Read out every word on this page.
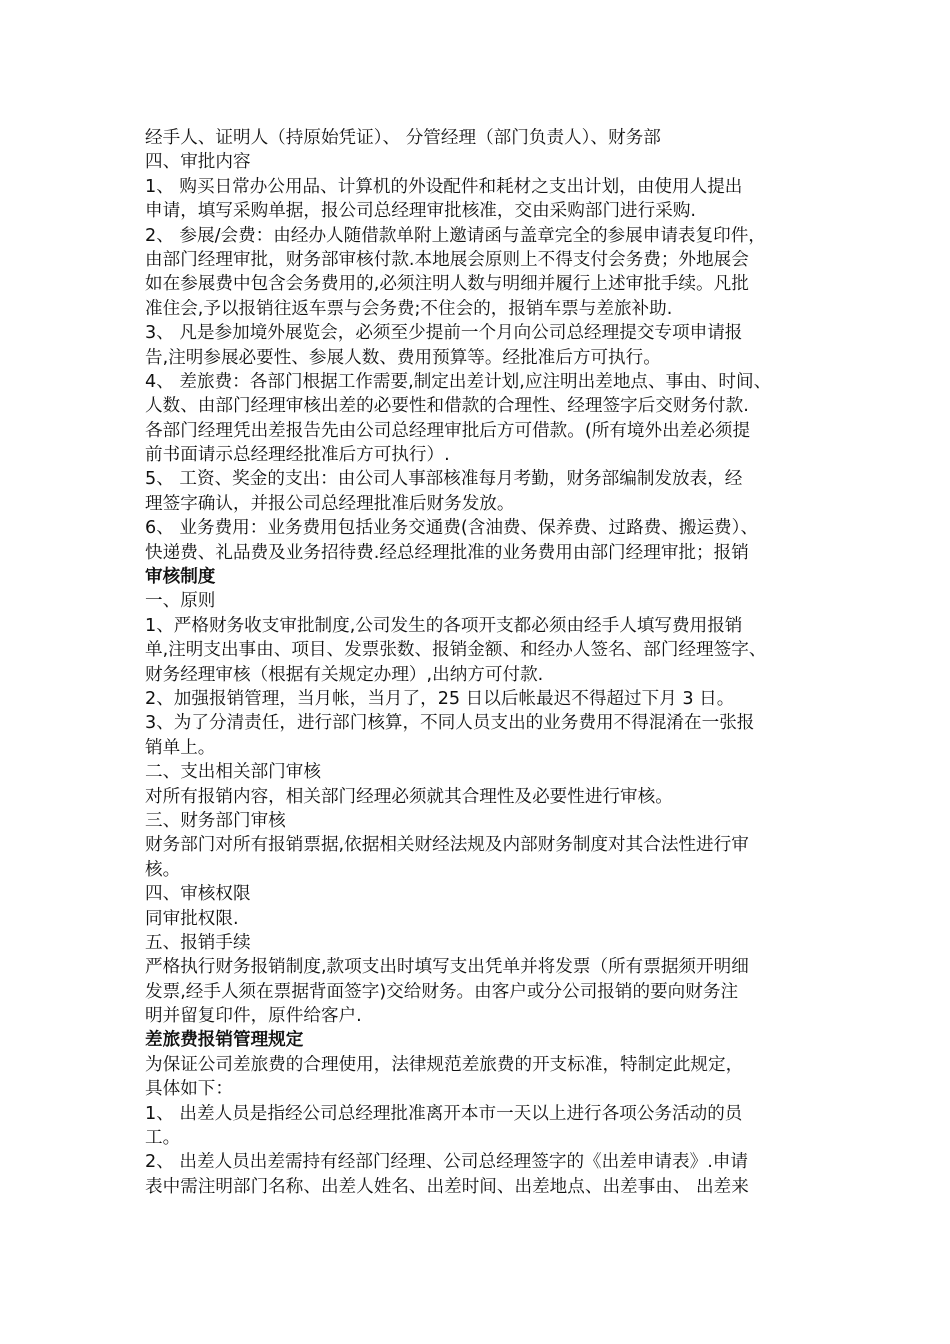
经手人、证明人（持原始凭证）、 分管经理（部门负责人）、财务部
四、审批内容
1、 购买日常办公用品、计算机的外设配件和耗材之支出计划，由使用人提出
申请，填写采购单据，报公司总经理审批核准，交由采购部门进行采购.
2、 参展/会费：由经办人随借款单附上邀请函与盖章完全的参展申请表复印件，
由部门经理审批，财务部审核付款.本地展会原则上不得支付会务费；外地展会
如在参展费中包含会务费用的,必须注明人数与明细并履行上述审批手续。凡批
准住会,予以报销往返车票与会务费;不住会的，报销车票与差旅补助.
3、 凡是参加境外展览会，必须至少提前一个月向公司总经理提交专项申请报
告,注明参展必要性、参展人数、费用预算等。经批准后方可执行。
4、 差旅费：各部门根据工作需要,制定出差计划,应注明出差地点、事由、时间、
人数、由部门经理审核出差的必要性和借款的合理性、经理签字后交财务付款.
各部门经理凭出差报告先由公司总经理审批后方可借款。(所有境外出差必须提
前书面请示总经理经批准后方可执行）.
5、 工资、奖金的支出：由公司人事部核准每月考勤，财务部编制发放表，经
理签字确认，并报公司总经理批准后财务发放。
6、 业务费用：业务费用包括业务交通费(含油费、保养费、过路费、搬运费）、
快递费、礼品费及业务招待费.经总经理批准的业务费用由部门经理审批；报销
审核制度
一、原则
1、严格财务收支审批制度,公司发生的各项开支都必须由经手人填写费用报销
单,注明支出事由、项目、发票张数、报销金额、和经办人签名、部门经理签字、
财务经理审核（根据有关规定办理）,出纳方可付款.
2、加强报销管理，当月帐，当月了，25 日以后帐最迟不得超过下月 3 日。
3、为了分清责任，进行部门核算，不同人员支出的业务费用不得混淆在一张报
销单上。
二、支出相关部门审核
对所有报销内容，相关部门经理必须就其合理性及必要性进行审核。
三、财务部门审核
财务部门对所有报销票据,依据相关财经法规及内部财务制度对其合法性进行审
核。
四、审核权限
同审批权限.
五、报销手续
严格执行财务报销制度,款项支出时填写支出凭单并将发票（所有票据须开明细
发票,经手人须在票据背面签字)交给财务。由客户或分公司报销的要向财务注
明并留复印件，原件给客户.
差旅费报销管理规定
为保证公司差旅费的合理使用，法律规范差旅费的开支标准，特制定此规定，
具体如下：
1、 出差人员是指经公司总经理批准离开本市一天以上进行各项公务活动的员
工。
2、 出差人员出差需持有经部门经理、公司总经理签字的《出差申请表》.申请
表中需注明部门名称、出差人姓名、出差时间、出差地点、出差事由、 出差来
